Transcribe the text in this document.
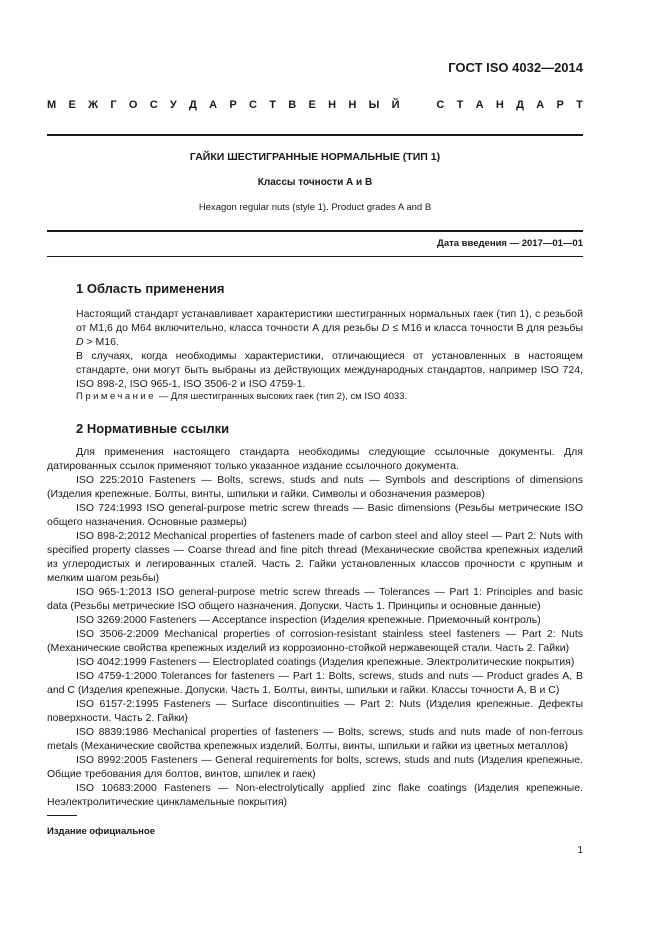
ГОСТ ISO 4032—2014
М Е Ж Г О С У Д А Р С Т В Е Н Н Ы Й	С Т А Н Д А Р Т
ГАЙКИ ШЕСТИГРАННЫЕ НОРМАЛЬНЫЕ (ТИП 1)
Классы точности А и В
Hexagon regular nuts (style 1). Product grades A and B
Дата введения — 2017—01—01
1 Область применения

Настоящий стандарт устанавливает характеристики шестигранных нормальных гаек (тип 1), с резьбой от М1,6 до М64 включительно, класса точности А для резьбы D ≤ M16 и класса точности В для резьбы D > M16.

В случаях, когда необходимы характеристики, отличающиеся от установленных в настоящем стандарте, они могут быть выбраны из действующих международных стандартов, например ISO 724, ISO 898-2, ISO 965-1, ISO 3506-2 и ISO 4759-1.

Примечание — Для шестигранных высоких гаек (тип 2), см ISO 4033.
2 Нормативные ссылки

Для применения настоящего стандарта необходимы следующие ссылочные документы. Для датированных ссылок применяют только указанное издание ссылочного документа.

ISO 225:2010 Fasteners — Bolts, screws, studs and nuts — Symbols and descriptions of dimensions (Изделия крепежные. Болты, винты, шпильки и гайки. Символы и обозначения размеров)

ISO 724:1993 ISO general-purpose metric screw threads — Basic dimensions (Резьбы метрические ISO общего назначения. Основные размеры)

ISO 898-2:2012 Mechanical properties of fasteners made of carbon steel and alloy steel — Part 2: Nuts with specified property classes — Coarse thread and fine pitch thread (Механические свойства крепежных изделий из углеродистых и легированных сталей. Часть 2. Гайки установленных классов прочности с крупным и мелким шагом резьбы)

ISO 965-1:2013 ISO general-purpose metric screw threads — Tolerances — Part 1: Principles and basic data (Резьбы метрические ISO общего назначения. Допуски. Часть 1. Принципы и основные данные)

ISO 3269:2000 Fasteners — Acceptance inspection (Изделия крепежные. Приемочный контроль)

ISO 3506-2:2009 Mechanical properties of corrosion-resistant stainless steel fasteners — Part 2: Nuts (Механические свойства крепежных изделий из коррозионно-стойкой нержавеющей стали. Часть 2. Гайки)

ISO 4042:1999 Fasteners — Electroplated coatings (Изделия крепежные. Электролитические покрытия)

ISO 4759-1:2000 Tolerances for fasteners — Part 1: Bolts, screws, studs and nuts — Product grades A, B and C (Изделия крепежные. Допуски. Часть 1. Болты, винты, шпильки и гайки. Классы точности А, В и С)

ISO 6157-2:1995 Fasteners — Surface discontinuities — Part 2: Nuts (Изделия крепежные. Дефекты поверхности. Часть 2. Гайки)

ISO 8839:1986 Mechanical properties of fasteners — Bolts, screws, studs and nuts made of non-ferrous metals (Механические свойства крепежных изделий. Болты, винты, шпильки и гайки из цветных металлов)

ISO 8992:2005 Fasteners — General requirements for bolts, screws, studs and nuts (Изделия крепежные. Общие требования для болтов, винтов, шпилек и гаек)

ISO 10683:2000 Fasteners — Non-electrolytically applied zinc flake coatings (Изделия крепежные. Неэлектролитические цинкламельные покрытия)

Издание официальное
1
